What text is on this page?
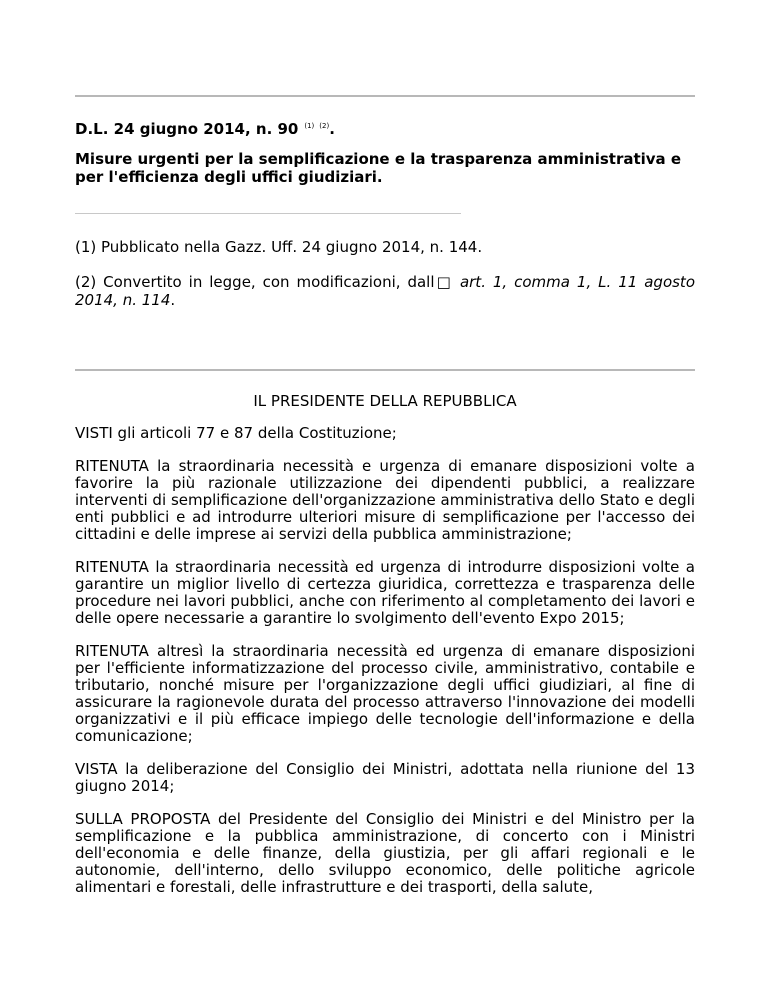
D.L. 24 giugno 2014, n. 90 $^{(1)}$ $^{(2)}$.
Misure urgenti per la semplificazione e la trasparenza amministrativa e per l'efficienza degli uffici giudiziari.
(1) Pubblicato nella Gazz. Uff. 24 giugno 2014, n. 144.
(2) Convertito in legge, con modificazioni, dall□ art. 1, comma 1, L. 11 agosto 2014, n. 114.
IL PRESIDENTE DELLA REPUBBLICA

VISTI gli articoli 77 e 87 della Costituzione;

RITENUTA la straordinaria necessità e urgenza di emanare disposizioni volte a favorire la più razionale utilizzazione dei dipendenti pubblici, a realizzare interventi di semplificazione dell'organizzazione amministrativa dello Stato e degli enti pubblici e ad introdurre ulteriori misure di semplificazione per l'accesso dei cittadini e delle imprese ai servizi della pubblica amministrazione;

RITENUTA la straordinaria necessità ed urgenza di introdurre disposizioni volte a garantire un miglior livello di certezza giuridica, correttezza e trasparenza delle procedure nei lavori pubblici, anche con riferimento al completamento dei lavori e delle opere necessarie a garantire lo svolgimento dell'evento Expo 2015;

RITENUTA altresì la straordinaria necessità ed urgenza di emanare disposizioni per l'efficiente informatizzazione del processo civile, amministrativo, contabile e tributario, nonché misure per l'organizzazione degli uffici giudiziari, al fine di assicurare la ragionevole durata del processo attraverso l'innovazione dei modelli organizzativi e il più efficace impiego delle tecnologie dell'informazione e della comunicazione;

VISTA la deliberazione del Consiglio dei Ministri, adottata nella riunione del 13 giugno 2014;

SULLA PROPOSTA del Presidente del Consiglio dei Ministri e del Ministro per la semplificazione e la pubblica amministrazione, di concerto con i Ministri dell'economia e delle finanze, della giustizia, per gli affari regionali e le autonomie, dell'interno, dello sviluppo economico, delle politiche agricole alimentari e forestali, delle infrastrutture e dei trasporti, della salute,
